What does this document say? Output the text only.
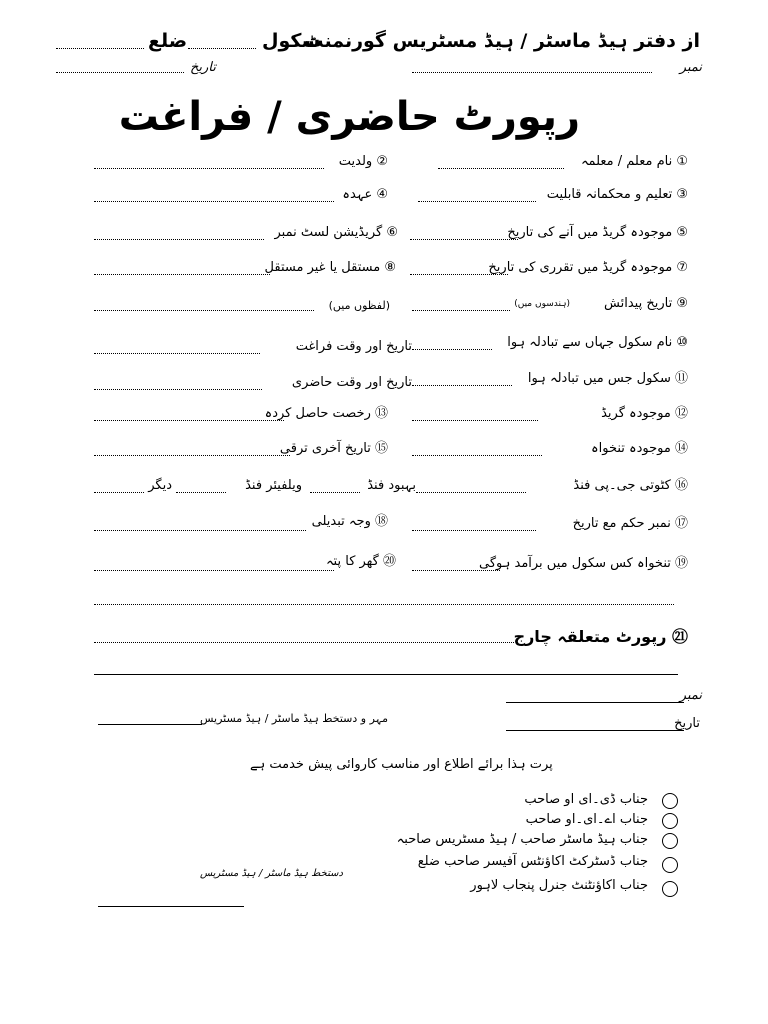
از دفتر ہیڈ ماسٹر / ہیڈ مسٹریس گورنمنٹ
سکول
ضلع
نمبر
تاریخ
رپورٹ حاضری / فراغت
① نام معلم / معلمہ
② ولدیت
③ تعلیم و محکمانہ قابلیت
④ عہدہ
⑤ موجودہ گریڈ میں آنے کی تاریخ
⑥ گریڈیشن لسٹ نمبر
⑦ موجودہ گریڈ میں تقرری کی تاریخ
⑧ مستقل یا غیر مستقل
⑨ تاریخ پیدائش
(ہندسوں میں)
(لفظوں میں)
⑩ نام سکول جہاں سے تبادلہ ہوا
تاریخ اور وقت فراغت
⑪ سکول جس میں تبادلہ ہوا
تاریخ اور وقت حاضری
⑫ موجودہ گریڈ
⑬ رخصت حاصل کردہ
⑭ موجودہ تنخواہ
⑮ تاریخ آخری ترقی
⑯ کٹوتی جی۔پی فنڈ
بہبود فنڈ
ویلفیئر فنڈ
دیگر
⑰ نمبر حکم مع تاریخ
⑱ وجہ تبدیلی
⑲ تنخواہ کس سکول میں برآمد ہوگی
⑳ گھر کا پتہ
㉑ رپورٹ متعلقہ چارج
نمبر
تاریخ
مہر و دستخط ہیڈ ماسٹر / ہیڈ مسٹریس
پرت ہذا برائے اطلاع اور مناسب کاروائی پیش خدمت ہے
جناب ڈی۔ای او صاحب
جناب اے۔ای۔او صاحب
جناب ہیڈ ماسٹر صاحب / ہیڈ مسٹریس صاحبہ
جناب ڈسٹرکٹ اکاؤنٹس آفیسر صاحب ضلع
جناب اکاؤنٹنٹ جنرل پنجاب لاہور
دستخط ہیڈ ماسٹر / ہیڈ مسٹریس
